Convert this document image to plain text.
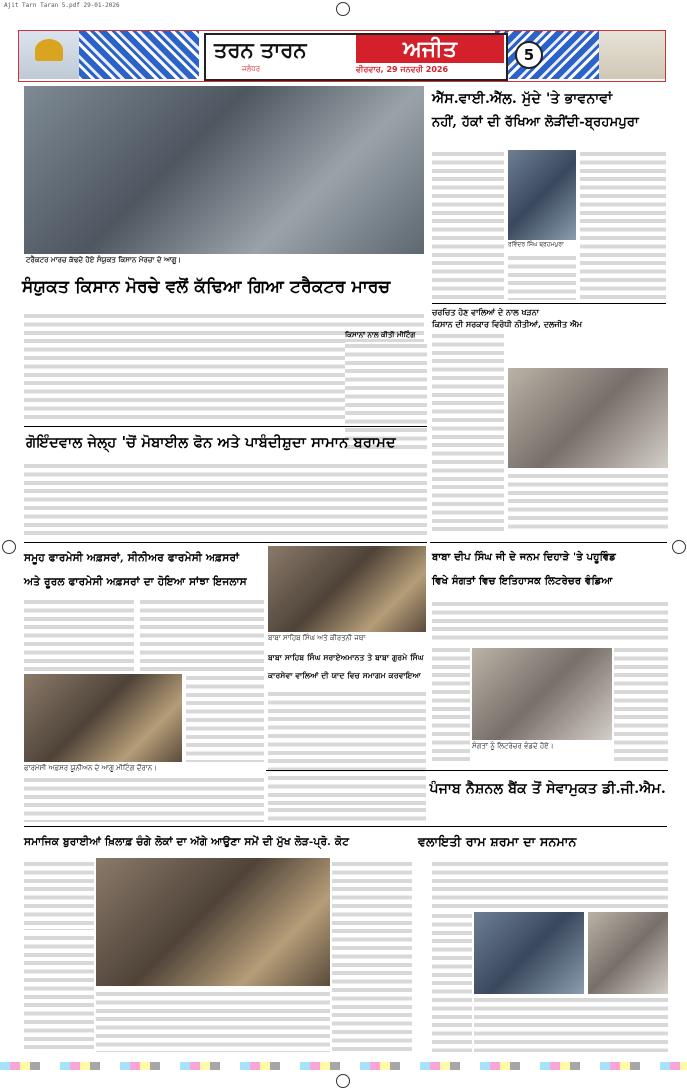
Ajit Tarn Taran 5.pdf 29-01-2026
ਤਰਨ ਤਾਰਨ	ਅਜੀਤ
ਜਲੰਧਰ	ਵੀਰਵਾਰ, 29 ਜਨਵਰੀ 2026
5
ਟਰੈਕਟਰ ਮਾਰਚ ਕੱਢਦੇ ਹੋਏ ਸੰਯੁਕਤ ਕਿਸਾਨ ਮੋਰਚਾ ਦੇ ਆਗੂ।
ਸੰਯੁਕਤ ਕਿਸਾਨ ਮੋਰਚੇ ਵਲੋਂ ਕੱਢਿਆ ਗਿਆ ਟਰੈਕਟਰ ਮਾਰਚ
ਐੱਸ.ਵਾਈ.ਐੱਲ. ਮੁੱਦੇ 'ਤੇ ਭਾਵਨਾਵਾਂ
ਨਹੀਂ, ਹੱਕਾਂ ਦੀ ਰੱਖਿਆ ਲੋੜੀਂਦੀ-ਬ੍ਰਹਮਪੁਰਾ
ਰਵਿੰਦਰ ਸਿੰਘ ਬ੍ਰਹਮਪੁਰਾ
ਚਰਚਿਤ ਹੋਣ ਵਾਲਿਆਂ ਦੇ ਨਾਲ ਖੜਨਾ
ਕਿਸਾਨ ਦੀ ਸਰਕਾਰ ਵਿਰੋਧੀ ਨੀਤੀਆਂ, ਦਲਜੀਤ ਐਮ
ਕਿਸਾਨਾਂ ਨਾਲ ਕੀਤੀ ਮੀਟਿੰਗ
ਗੋਇੰਦਵਾਲ ਜੇਲ੍ਹ 'ਚੋਂ ਮੋਬਾਈਲ ਫੋਨ ਅਤੇ ਪਾਬੰਦੀਸ਼ੁਦਾ ਸਾਮਾਨ ਬਰਾਮਦ
ਸਮੂਹ ਫਾਰਮੇਸੀ ਅਫ਼ਸਰਾਂ, ਸੀਨੀਅਰ ਫਾਰਮੇਸੀ ਅਫ਼ਸਰਾਂ
ਅਤੇ ਰੂਰਲ ਫਾਰਮੇਸੀ ਅਫ਼ਸਰਾਂ ਦਾ ਹੋਇਆ ਸਾਂਝਾ ਇਜਲਾਸ
ਫਾਰਮੇਸੀ ਅਫ਼ਸਰ ਯੂਨੀਅਨ ਦੇ ਆਗੂ ਮੀਟਿੰਗ ਦੌਰਾਨ।
ਬਾਬਾ ਸਾਹਿਬ ਸਿੰਘ ਅਤੇ ਕੀਰਤਨੀ ਜਥਾ
ਬਾਬਾ ਸਾਹਿਬ ਸਿੰਘ ਸਰਾਏਅਮਾਨਤ ਤੇ ਬਾਬਾ ਗੁਰਮੇ ਸਿੰਘ
ਕਾਰਸੇਵਾ ਵਾਲਿਆਂ ਦੀ ਯਾਦ ਵਿਚ ਸਮਾਗਮ ਕਰਵਾਇਆ
ਬਾਬਾ ਦੀਪ ਸਿੰਘ ਜੀ ਦੇ ਜਨਮ ਦਿਹਾੜੇ 'ਤੇ ਪਹੂਵਿੰਡ
ਵਿਖੇ ਸੰਗਤਾਂ ਵਿਚ ਇਤਿਹਾਸਕ ਲਿਟਰੇਚਰ ਵੰਡਿਆ
ਸੰਗਤਾਂ ਨੂੰ ਲਿਟਰੇਚਰ ਵੰਡਦੇ ਹੋਏ।
ਪੰਜਾਬ ਨੈਸ਼ਨਲ ਬੈਂਕ ਤੋਂ ਸੇਵਾਮੁਕਤ ਡੀ.ਜੀ.ਐਮ.
ਸਮਾਜਿਕ ਬੁਰਾਈਆਂ ਖ਼ਿਲਾਫ਼ ਚੰਗੇ ਲੋਕਾਂ ਦਾ ਅੱਗੇ ਆਉਣਾ ਸਮੇਂ ਦੀ ਮੁੱਖ ਲੋੜ-ਪ੍ਰੋ. ਕੋਟ	ਵਲਾਇਤੀ ਰਾਮ ਸ਼ਰਮਾ ਦਾ ਸਨਮਾਨ
